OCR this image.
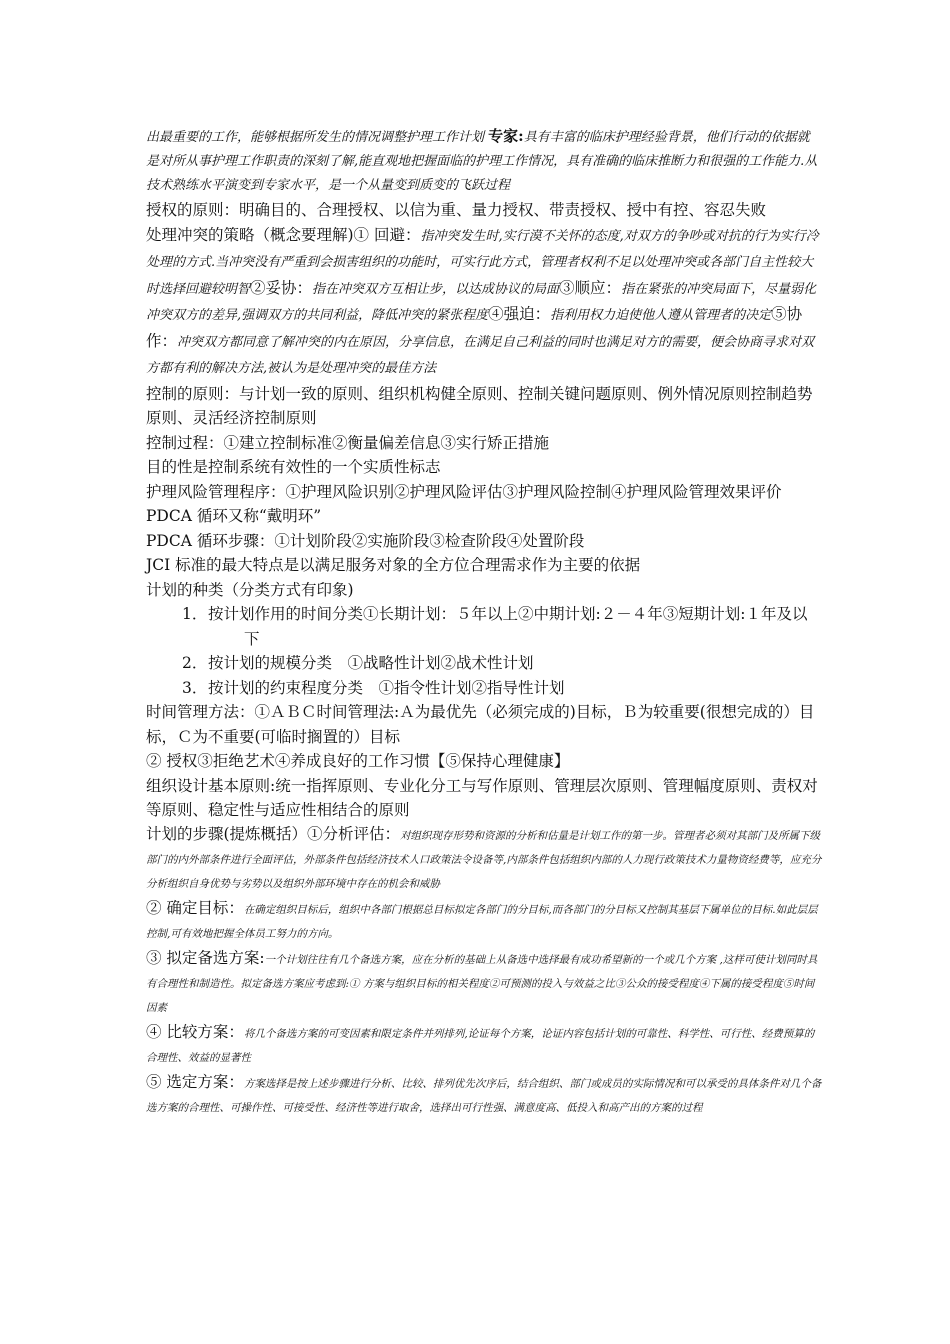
出最重要的工作，能够根据所发生的情况调整护理工作计划 专家:具有丰富的临床护理经验背景，他们行动的依据就是对所从事护理工作职责的深刻了解,能直观地把握面临的护理工作情况，具有准确的临床推断力和很强的工作能力.从技术熟练水平演变到专家水平，是一个从量变到质变的飞跃过程

授权的原则：明确目的、合理授权、以信为重、量力授权、带责授权、授中有控、容忍失败

处理冲突的策略（概念要理解)① 回避：指冲突发生时,实行漠不关怀的态度,对双方的争吵或对抗的行为实行冷处理的方式.当冲突没有严重到会损害组织的功能时，可实行此方式，管理者权利不足以处理冲突或各部门自主性较大时选择回避较明智②妥协：指在冲突双方互相让步，以达成协议的局面③顺应：指在紧张的冲突局面下，尽量弱化冲突双方的差异,强调双方的共同利益，降低冲突的紧张程度④强迫：指利用权力迫使他人遵从管理者的决定⑤协作：冲突双方都同意了解冲突的内在原因，分享信息，在满足自己利益的同时也满足对方的需要，便会协商寻求对双方都有利的解决方法,被认为是处理冲突的最佳方法

控制的原则：与计划一致的原则、组织机构健全原则、控制关键问题原则、例外情况原则控制趋势原则、灵活经济控制原则

控制过程：①建立控制标准②衡量偏差信息③实行矫正措施

目的性是控制系统有效性的一个实质性标志

护理风险管理程序：①护理风险识别②护理风险评估③护理风险控制④护理风险管理效果评价

PDCA 循环又称“戴明环”

PDCA 循环步骤：①计划阶段②实施阶段③检查阶段④处置阶段

JCI 标准的最大特点是以满足服务对象的全方位合理需求作为主要的依据

计划的种类（分类方式有印象)

1． 按计划作用的时间分类①长期计划：５年以上②中期计划:２－４年③短期计划:１年及以下
2． 按计划的规模分类　①战略性计划②战术性计划
3． 按计划的约束程度分类　①指令性计划②指导性计划

时间管理方法：①ＡＢＣ时间管理法:Ａ为最优先（必须完成的)目标，Ｂ为较重要(很想完成的）目标，Ｃ为不重要(可临时搁置的）目标

② 授权③拒绝艺术④养成良好的工作习惯【⑤保持心理健康】

组织设计基本原则:统一指挥原则、专业化分工与写作原则、管理层次原则、管理幅度原则、责权对等原则、稳定性与适应性相结合的原则

计划的步骤(提炼概括）①分析评估：对组织现存形势和资源的分析和估量是计划工作的第一步。管理者必须对其部门及所属下级部门的内外部条件进行全面评估，外部条件包括经济技术人口政策法令设备等,内部条件包括组织内部的人力现行政策技术力量物资经费等，应充分分析组织自身优势与劣势以及组织外部环境中存在的机会和威胁

② 确定目标：在确定组织目标后，组织中各部门根据总目标拟定各部门的分目标,而各部门的分目标又控制其基层下属单位的目标.如此层层控制,可有效地把握全体员工努力的方向。

③ 拟定备选方案:一个计划往往有几个备选方案，应在分析的基础上从备选中选择最有成功希望新的一个或几个方案 ,这样可使计划同时具有合理性和制造性。拟定备选方案应考虑到:① 方案与组织目标的相关程度②可预测的投入与效益之比③公众的接受程度④下属的接受程度⑤时间因素

④ 比较方案：将几个备选方案的可变因素和限定条件并列排列,论证每个方案，论证内容包括计划的可靠性、科学性、可行性、经费预算的合理性、效益的显著性

⑤ 选定方案：方案选择是按上述步骤进行分析、比较、排列优先次序后，结合组织、部门或成员的实际情况和可以承受的具体条件对几个备选方案的合理性、可操作性、可接受性、经济性等进行取舍，选择出可行性强、满意度高、低投入和高产出的方案的过程
